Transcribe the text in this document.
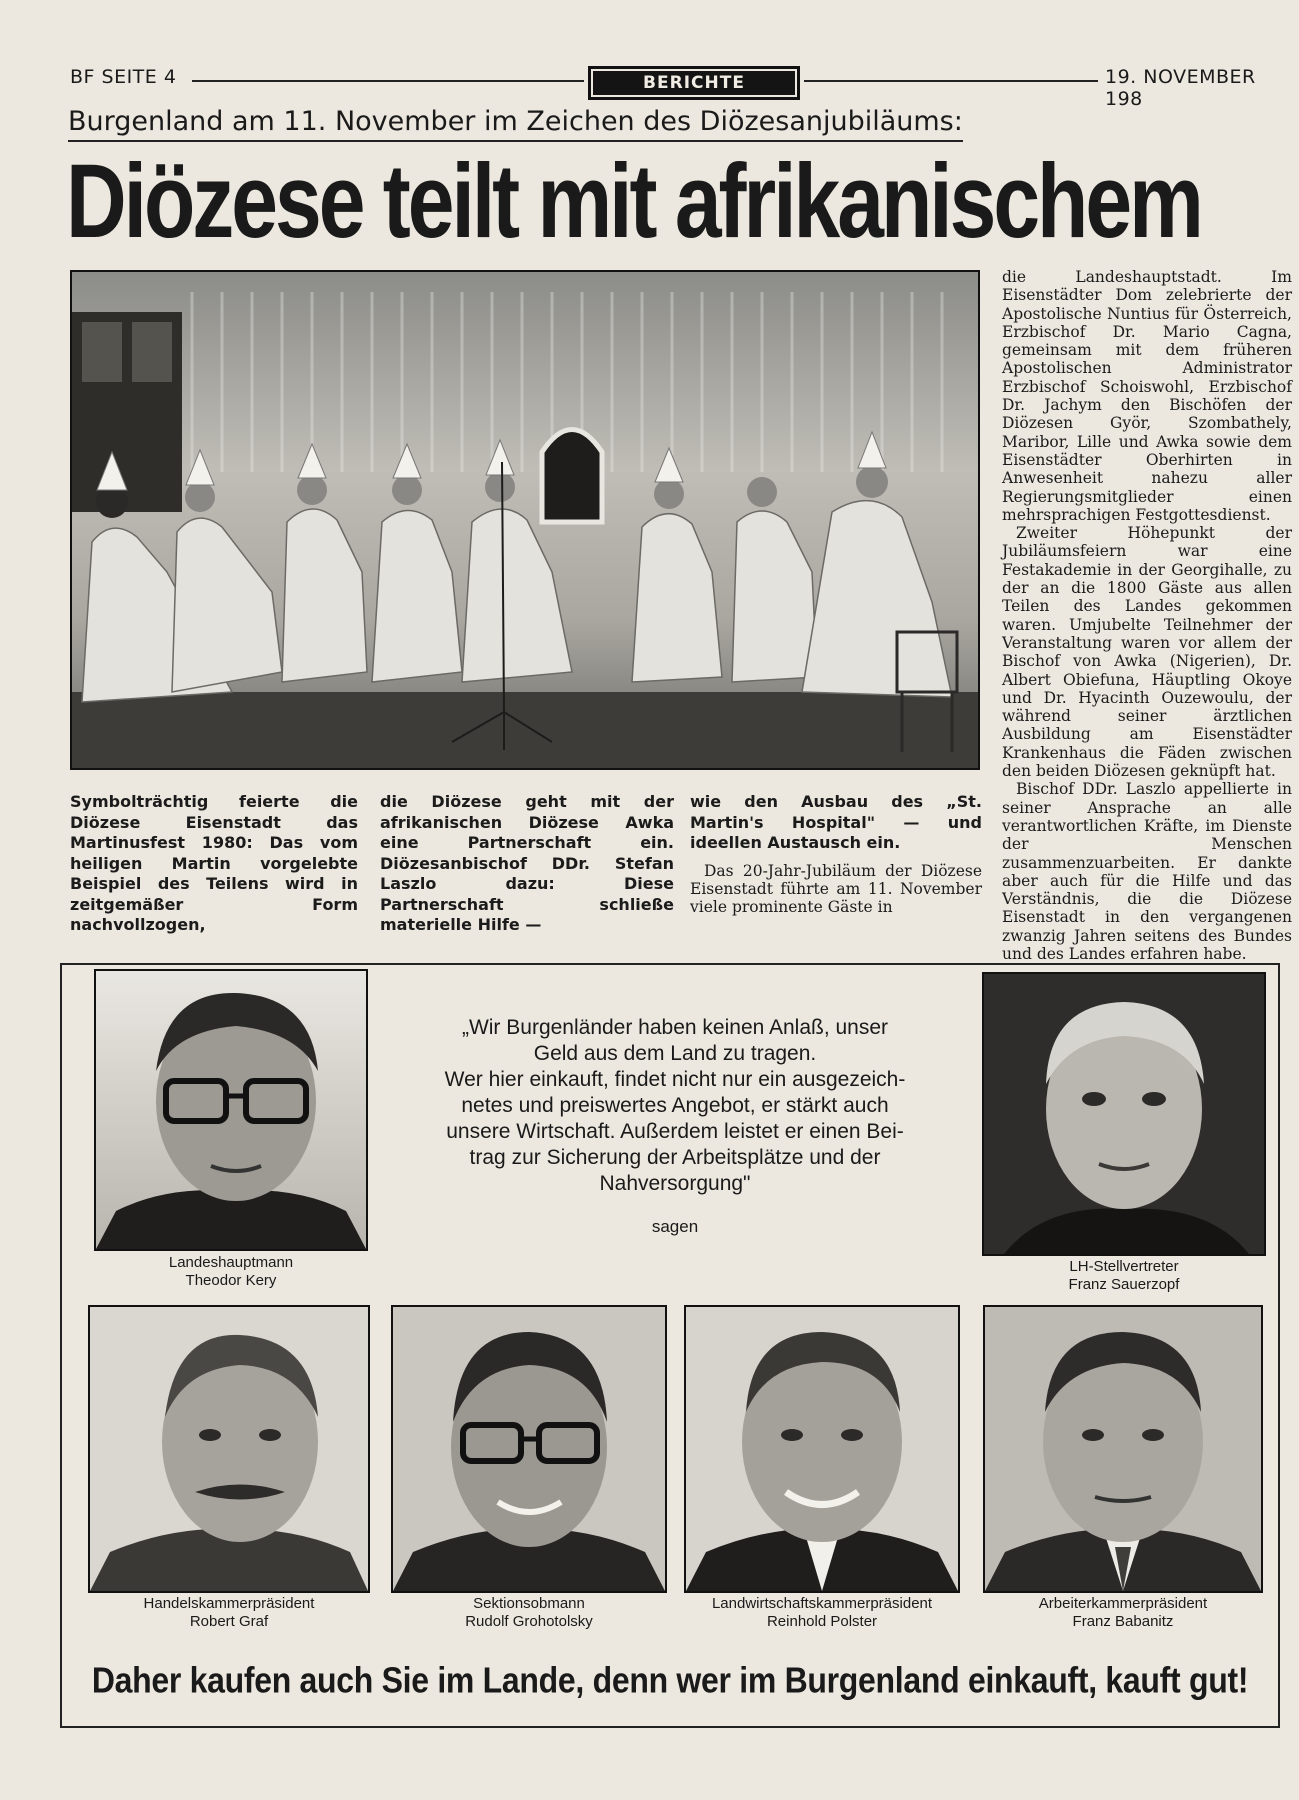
BF SEITE 4	BERICHTE	19. NOVEMBER 198
Burgenland am 11. November im Zeichen des Diözesanjubiläums:
Diözese teilt mit afrikanischem
Symbolträchtig feierte die Diözese Eisenstadt das Martinusfest 1980: Das vom heiligen Martin vorgelebte Beispiel des Teilens wird in zeitgemäßer Form nachvollzogen,
die Diözese geht mit der afrikanischen Diözese Awka eine Partnerschaft ein. Diözesanbischof DDr. Stefan Laszlo dazu: Diese Partnerschaft schließe materielle Hilfe —
wie den Ausbau des „St. Martin's Hospital" — und ideellen Austausch ein.

Das 20-Jahr-Jubiläum der Diözese Eisenstadt führte am 11. November viele prominente Gäste in

die Landeshauptstadt. Im Eisenstädter Dom zelebrierte der Apostolische Nuntius für Österreich, Erzbischof Dr. Mario Cagna, gemeinsam mit dem früheren Apostolischen Administrator Erzbischof Schoiswohl, Erzbischof Dr. Jachym den Bischöfen der Diözesen Györ, Szombathely, Maribor, Lille und Awka sowie dem Eisenstädter Oberhirten in Anwesenheit nahezu aller Regierungsmitglieder einen mehrsprachigen Festgottesdienst.

Zweiter Höhepunkt der Jubiläumsfeiern war eine Festakademie in der Georgihalle, zu der an die 1800 Gäste aus allen Teilen des Landes gekommen waren. Umjubelte Teilnehmer der Veranstaltung waren vor allem der Bischof von Awka (Nigerien), Dr. Albert Obiefuna, Häuptling Okoye und Dr. Hyacinth Ouzewoulu, der während seiner ärztlichen Ausbildung am Eisenstädter Krankenhaus die Fäden zwischen den beiden Diözesen geknüpft hat.

Bischof DDr. Laszlo appellierte in seiner Ansprache an alle verantwortlichen Kräfte, im Dienste der Menschen zusammenzuarbeiten. Er dankte aber auch für die Hilfe und das Verständnis, die die Diözese Eisenstadt in den vergangenen zwanzig Jahren seitens des Bundes und des Landes erfahren habe.

Landeshauptmann
Theodor Kery
„Wir Burgenländer haben keinen Anlaß, unser
Geld aus dem Land zu tragen.
Wer hier einkauft, findet nicht nur ein ausgezeich-
netes und preiswertes Angebot, er stärkt auch
unsere Wirtschaft. Außerdem leistet er einen Bei-
trag zur Sicherung der Arbeitsplätze und der
Nahversorgung"
sagen
LH-Stellvertreter
Franz Sauerzopf
Handelskammerpräsident
Robert Graf
Sektionsobmann
Rudolf Grohotolsky
Landwirtschaftskammerpräsident
Reinhold Polster
Arbeiterkammerpräsident
Franz Babanitz
Daher kaufen auch Sie im Lande, denn wer im Burgenland einkauft, kauft gut!
